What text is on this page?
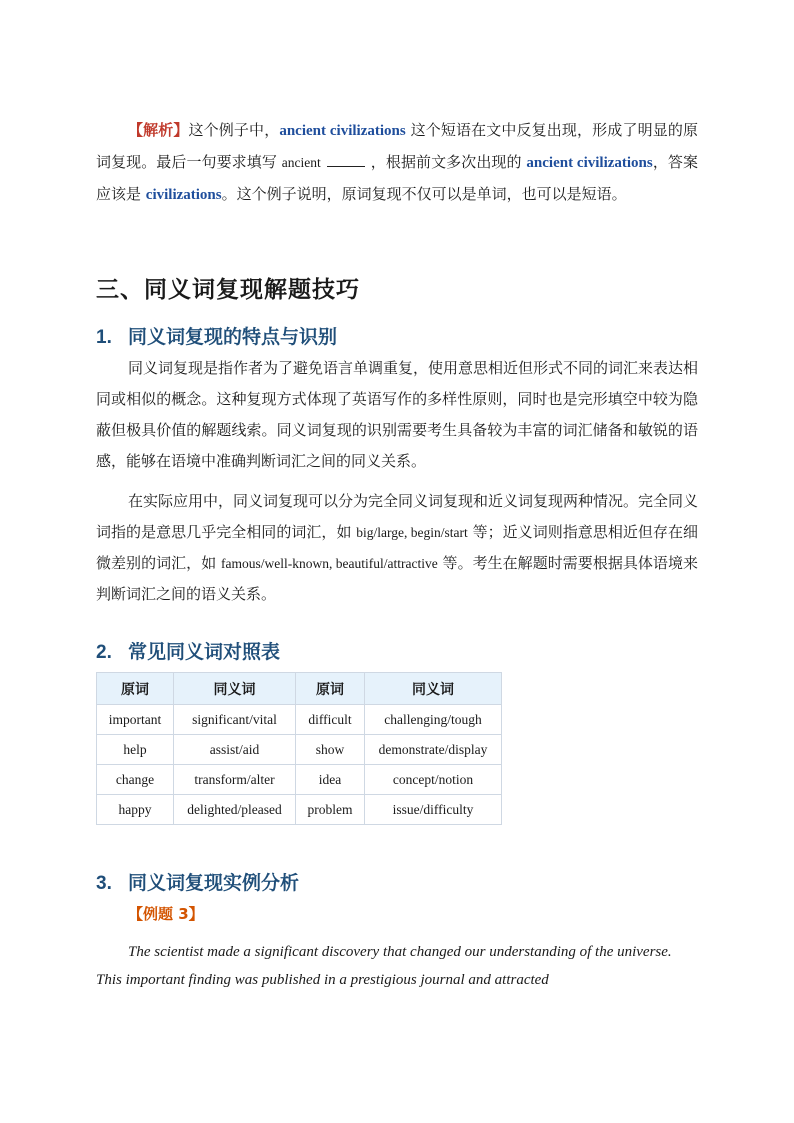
【解析】这个例子中，ancient civilizations 这个短语在文中反复出现，形成了明显的原词复现。最后一句要求填写 ancient	，根据前文多次出现的 ancient civilizations，答案应该是 civilizations。这个例子说明，原词复现不仅可以是单词，也可以是短语。

三、同义词复现解题技巧
1. 同义词复现的特点与识别

同义词复现是指作者为了避免语言单调重复，使用意思相近但形式不同的词汇来表达相同或相似的概念。这种复现方式体现了英语写作的多样性原则，同时也是完形填空中较为隐蔽但极具价值的解题线索。同义词复现的识别需要考生具备较为丰富的词汇储备和敏锐的语感，能够在语境中准确判断词汇之间的同义关系。

在实际应用中，同义词复现可以分为完全同义词复现和近义词复现两种情况。完全同义词指的是意思几乎完全相同的词汇，如 big/large, begin/start 等；近义词则指意思相近但存在细微差别的词汇，如 famous/well-known, beautiful/attractive 等。考生在解题时需要根据具体语境来判断词汇之间的语义关系。

2. 常见同义词对照表
原词	同义词	原词	同义词
important	significant/vital	difficult	challenging/tough
help	assist/aid	show	demonstrate/display
change	transform/alter	idea	concept/notion
happy	delighted/pleased	problem	issue/difficulty
3. 同义词复现实例分析
【例题 3】

The scientist made a significant discovery that changed our understanding of the universe. This important finding was published in a prestigious journal and attracted
